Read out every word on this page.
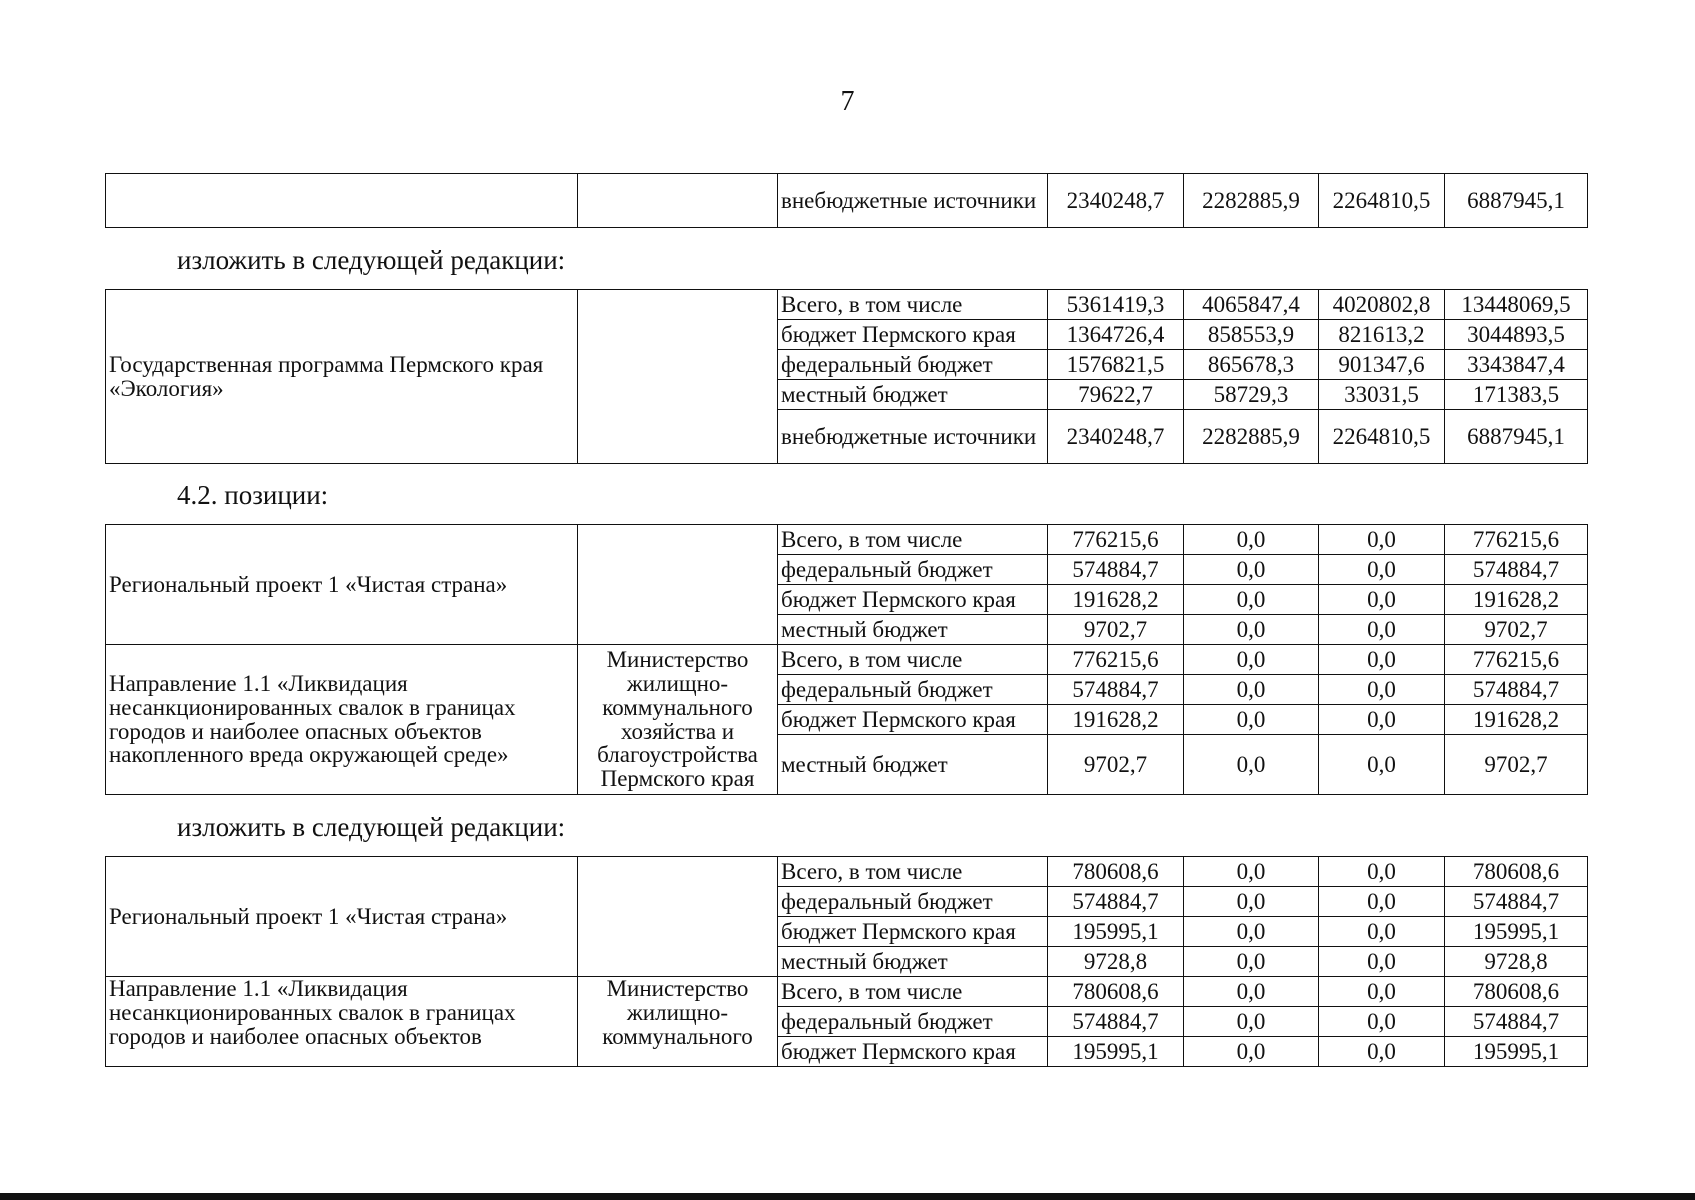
7
		внебюджетные источники	2340248,7	2282885,9	2264810,5	6887945,1
изложить в следующей редакции:
Государственная программа Пермского края «Экология»		Всего, в том числе	5361419,3	4065847,4	4020802,8	13448069,5
		бюджет Пермского края	1364726,4	858553,9	821613,2	3044893,5
		федеральный бюджет	1576821,5	865678,3	901347,6	3343847,4
		местный бюджет	79622,7	58729,3	33031,5	171383,5
		внебюджетные источники	2340248,7	2282885,9	2264810,5	6887945,1
4.2. позиции:
Региональный проект 1 «Чистая страна»		Всего, в том числе	776215,6	0,0	0,0	776215,6
		федеральный бюджет	574884,7	0,0	0,0	574884,7
		бюджет Пермского края	191628,2	0,0	0,0	191628,2
		местный бюджет	9702,7	0,0	0,0	9702,7
Направление 1.1 «Ликвидация несанкционированных свалок в границах городов и наиболее опасных объектов накопленного вреда окружающей среде»	Министерство жилищно-коммунального хозяйства и благоустройства Пермского края	Всего, в том числе	776215,6	0,0	0,0	776215,6
		федеральный бюджет	574884,7	0,0	0,0	574884,7
		бюджет Пермского края	191628,2	0,0	0,0	191628,2
		местный бюджет	9702,7	0,0	0,0	9702,7
изложить в следующей редакции:
Региональный проект 1 «Чистая страна»		Всего, в том числе	780608,6	0,0	0,0	780608,6
		федеральный бюджет	574884,7	0,0	0,0	574884,7
		бюджет Пермского края	195995,1	0,0	0,0	195995,1
		местный бюджет	9728,8	0,0	0,0	9728,8
Направление 1.1 «Ликвидация несанкционированных свалок в границах городов и наиболее опасных объектов	Министерство жилищно-коммунального	Всего, в том числе	780608,6	0,0	0,0	780608,6
		федеральный бюджет	574884,7	0,0	0,0	574884,7
		бюджет Пермского края	195995,1	0,0	0,0	195995,1
